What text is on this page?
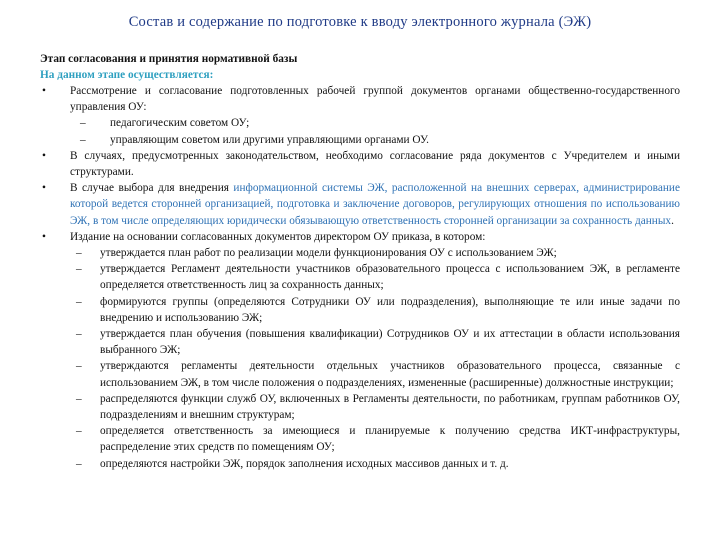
Состав и содержание по подготовке к вводу электронного журнала (ЭЖ)
Этап согласования и принятия нормативной базы
На данном этапе осуществляется:
• Рассмотрение и согласование подготовленных рабочей группой документов органами общественно-государственного управления ОУ:
– педагогическим советом ОУ;
– управляющим советом или другими управляющими органами ОУ.
• В случаях, предусмотренных законодательством, необходимо согласование ряда документов с Учредителем и иными структурами.
• В случае выбора для внедрения информационной системы ЭЖ, расположенной на внешних серверах, администрирование которой ведется сторонней организацией, подготовка и заключение договоров, регулирующих отношения по использованию ЭЖ, в том числе определяющих юридически обязывающую ответственность сторонней организации за сохранность данных.
• Издание на основании согласованных документов директором ОУ приказа, в котором:
– утверждается план работ по реализации модели функционирования ОУ с использованием ЭЖ;
– утверждается Регламент деятельности участников образовательного процесса с использованием ЭЖ, в регламенте определяется ответственность лиц за сохранность данных;
– формируются группы (определяются Сотрудники ОУ или подразделения), выполняющие те или иные задачи по внедрению и использованию ЭЖ;
– утверждается план обучения (повышения квалификации) Сотрудников ОУ и их аттестации в области использования выбранного ЭЖ;
– утверждаются регламенты деятельности отдельных участников образовательного процесса, связанные с использованием ЭЖ, в том числе положения о подразделениях, измененные (расширенные) должностные инструкции;
– распределяются функции служб ОУ, включенных в Регламенты деятельности, по работникам, группам работников ОУ, подразделениям и внешним структурам;
– определяется ответственность за имеющиеся и планируемые к получению средства ИКТ-инфраструктуры, распределение этих средств по помещениям ОУ;
– определяются настройки ЭЖ, порядок заполнения исходных массивов данных и т. д.
